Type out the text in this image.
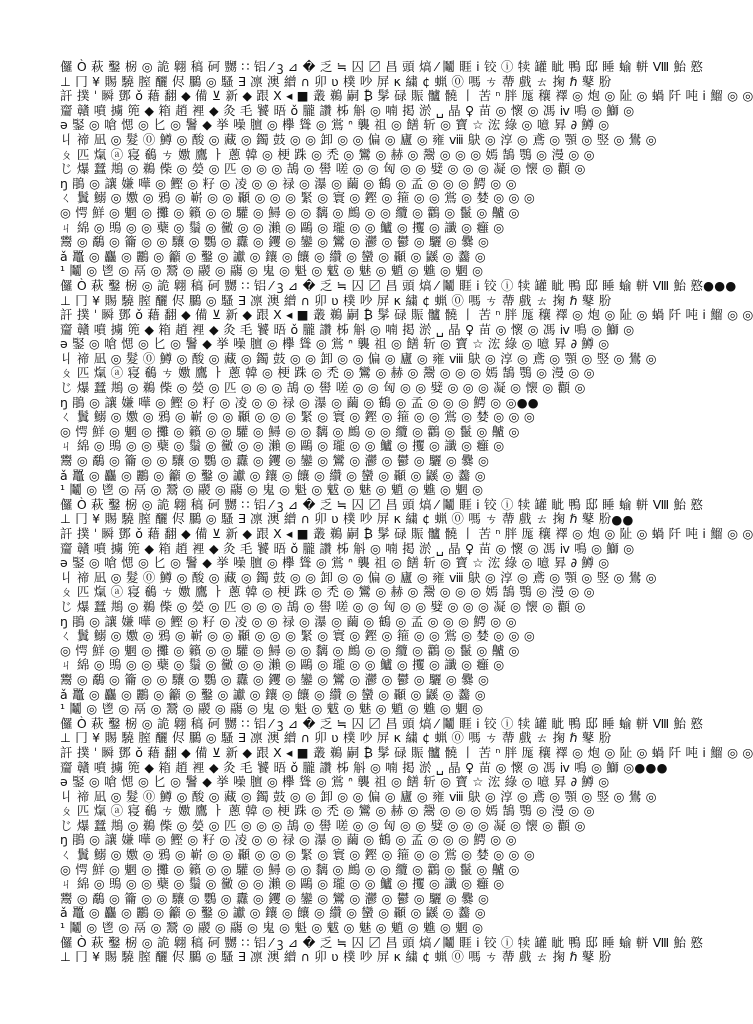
儸 Ò 萩 鑿 椖 ◎ 詭 翺 稿 砢 嬲 ∷ 铝 ⁄ ꝫ ⊿ � 乏 ≒ 囚 〼 昌 頭 熇 ⁄ 鬮 睚 ⅰ 铰 ⓘ 犊 罐 眦 鴨 邸 睡 蝓 軿 Ⅷ 鮐 憝
⊥ 冂 ¥ 賜 驍 膣 釃 侭 鵩 ◎ 騷 ∃ 凛 澳 繒 ∩ 卯 ʋ 樸 吵 屏 κ 繍 ¢ 蝋 ⓪ 嗎 ㄘ 蔕 戲 ㄊ 掬 ℏ 鼕 肦
訐 撲 ˈ 瞬 鄧 ǒ 藉 翻 ◆ 備 ⊻ 新 ◆ 跟 Ⅹ ◂ ■ 叢 鵜 嗣 ₿ 髳 碌 賑 髗 髐 丨 苦 ⁿ 胖 厖 穰 襗 ◎ 炮 ◎ 阯 ◎ 蝸 阡 吨 ⅰ 鰡 ◎ ◎
齏 贛 噴 擄 篼 ◆ 箱 趙 裡 ◆ 灸 毛 饕 晤 ǒ 朧 讚 柹 斛 ◎ 喃 掲 淤 ␣ 晶 ♀ 苗 ◎ 懷 ◎ 馮 ⅳ 鳴 ◎ 鰤 ◎
ə 鋻 ◎ 嗆 愢 ◎ 匕 ◎ 鬐 ◆ 挙 噪 膻 ◎ 欅 聳 ◎ 鴬 ᐢ 襲 祖 ◎ 饍 斩 ◎ 寶 ☆ 浤 綠 ◎ 噫 昪 ∂ 鱒 ◎
丩 禘 凪 ◎ 髮 ⓪ 鱒 ◎ 酸 ◎ 藏 ◎ 鐲 鼓 ◎ ◎ 卸 ◎ ◎ 偏 ◎ 廬 ◎ 雍 ⅷ 鴃 ◎ 淳 ◎ 鳶 ◎ 顎 ◎ 竪 ◎ 鷽 ◎
ㄆ 匹 熂 ⓐ 寝 鵗 ㄘ 嫐 鷹 ㅏ 蔥 韓 ◎ 梗 跦 ◎ 禿 ◎ 鸞 ◎ 赫 ◎ 鬶 ◎ ◎ ◎ 嫣 鵠 鶚 ◎ 漫 ◎ ◎
じ 爆 蠺 䳍 ◎ 鵜 偨 ◎ 嫈 ◎ 匹 ◎ ◎ ◎ 鴶 ◎ 嚳 嗟 ◎ ◎ 匈 ◎ ◎ 嬖 ◎ ◎ ◎ 凝 ◎ 懐 ◎ 顴 ◎
ŋ 鵑 ◎ 讓 嫌 嘩 ◎ 鰹 ◎ 籽 ◎ 凌 ◎ ◎ 禄 ◎ 瀑 ◎ 繭 ◎ 鶴 ◎ 孟 ◎ ◎ ◎ 鰐 ◎ ◎
ㄑ 鬒 鰯 ◎ 嫐 ◎ 鴉 ◎ 嶄 ◎ ◎ 顳 ◎ ◎ ◎ 緊 ◎ 寰 ◎ 鏗 ◎ 箍 ◎ ◎ 鴬 ◎ 婪 ◎ ◎ ◎
◎ 愕 鮮 ◎ 魍 ◎ 攤 ◎ 籟 ◎ ◎ 驩 ◎ 鱘 ◎ ◎ 黐 ◎ 鷓 ◎ ◎ 纜 ◎ 鸛 ◎ 鬣 ◎ 齇 ◎
ㄐ 綿 ◎ 鴠 ◎ ◎ 蘗 ◎ 鬚 ◎ 黴 ◎ ◎ 瀨 ◎ 鷗 ◎ 瓏 ◎ ◎ 鱸 ◎ 攫 ◎ 讖 ◎ 癰 ◎
鬻 ◎ 鷸 ◎ 籥 ◎ ◎ 驤 ◎ 鸚 ◎ 纛 ◎ 钁 ◎ 鑾 ◎ 鸞 ◎ 灪 ◎ 鬱 ◎ 驪 ◎ 爨 ◎
ǎ 鼉 ◎ 麤 ◎ 鸝 ◎ 籲 ◎ 鑿 ◎ 讞 ◎ 鑲 ◎ 饟 ◎ 纘 ◎ 蠻 ◎ 顳 ◎ 鼷 ◎ 齹 ◎
¹ 鬮 ◎ 鬯 ◎ 鬲 ◎ 鬵 ◎ 鬷 ◎ 鬺 ◎ 鬼 ◎ 魁 ◎ 魃 ◎ 魅 ◎ 魈 ◎ 魋 ◎ 魍 ◎
儸 Ò 萩 鑿 椖 ◎ 詭 翺 稿 砢 嬲 ∷ 铝 ⁄ ꝫ ⊿ � 乏 ≒ 囚 〼 昌 頭 熇 ⁄ 鬮 睚 ⅰ 铰 ⓘ 犊 罐 眦 鴨 邸 睡 蝓 軿 Ⅷ 鮐 憝●●●
⊥ 冂 ¥ 賜 驍 膣 釃 侭 鵩 ◎ 騷 ∃ 凛 澳 繒 ∩ 卯 ʋ 樸 吵 屏 κ 繍 ¢ 蝋 ⓪ 嗎 ㄘ 蔕 戲 ㄊ 掬 ℏ 鼕 肦
訐 撲 ˈ 瞬 鄧 ǒ 藉 翻 ◆ 備 ⊻ 新 ◆ 跟 Ⅹ ◂ ■ 叢 鵜 嗣 ₿ 髳 碌 賑 髗 髐 丨 苦 ⁿ 胖 厖 穰 襗 ◎ 炮 ◎ 阯 ◎ 蝸 阡 吨 ⅰ 鰡 ◎ ◎
齏 贛 噴 擄 篼 ◆ 箱 趙 裡 ◆ 灸 毛 饕 晤 ǒ 朧 讚 柹 斛 ◎ 喃 掲 淤 ␣ 晶 ♀ 苗 ◎ 懷 ◎ 馮 ⅳ 鳴 ◎ 鰤 ◎
ə 鋻 ◎ 嗆 愢 ◎ 匕 ◎ 鬐 ◆ 挙 噪 膻 ◎ 欅 聳 ◎ 鴬 ᐢ 襲 祖 ◎ 饍 斩 ◎ 寶 ☆ 浤 綠 ◎ 噫 昪 ∂ 鱒 ◎
丩 禘 凪 ◎ 髮 ⓪ 鱒 ◎ 酸 ◎ 藏 ◎ 鐲 鼓 ◎ ◎ 卸 ◎ ◎ 偏 ◎ 廬 ◎ 雍 ⅷ 鴃 ◎ 淳 ◎ 鳶 ◎ 顎 ◎ 竪 ◎ 鷽 ◎
ㄆ 匹 熂 ⓐ 寝 鵗 ㄘ 嫐 鷹 ㅏ 蔥 韓 ◎ 梗 跦 ◎ 禿 ◎ 鸞 ◎ 赫 ◎ 鬶 ◎ ◎ ◎ 嫣 鵠 鶚 ◎ 漫 ◎ ◎
じ 爆 蠺 䳍 ◎ 鵜 偨 ◎ 嫈 ◎ 匹 ◎ ◎ ◎ 鴶 ◎ 嚳 嗟 ◎ ◎ 匈 ◎ ◎ 嬖 ◎ ◎ ◎ 凝 ◎ 懐 ◎ 顴 ◎
ŋ 鵑 ◎ 讓 嫌 嘩 ◎ 鰹 ◎ 籽 ◎ 凌 ◎ ◎ 禄 ◎ 瀑 ◎ 繭 ◎ 鶴 ◎ 孟 ◎ ◎ ◎ 鰐 ◎ ◎●●
ㄑ 鬒 鰯 ◎ 嫐 ◎ 鴉 ◎ 嶄 ◎ ◎ 顳 ◎ ◎ ◎ 緊 ◎ 寰 ◎ 鏗 ◎ 箍 ◎ ◎ 鴬 ◎ 婪 ◎ ◎ ◎
◎ 愕 鮮 ◎ 魍 ◎ 攤 ◎ 籟 ◎ ◎ 驩 ◎ 鱘 ◎ ◎ 黐 ◎ 鷓 ◎ ◎ 纜 ◎ 鸛 ◎ 鬣 ◎ 齇 ◎
ㄐ 綿 ◎ 鴠 ◎ ◎ 蘗 ◎ 鬚 ◎ 黴 ◎ ◎ 瀨 ◎ 鷗 ◎ 瓏 ◎ ◎ 鱸 ◎ 攫 ◎ 讖 ◎ 癰 ◎
鬻 ◎ 鷸 ◎ 籥 ◎ ◎ 驤 ◎ 鸚 ◎ 纛 ◎ 钁 ◎ 鑾 ◎ 鸞 ◎ 灪 ◎ 鬱 ◎ 驪 ◎ 爨 ◎
ǎ 鼉 ◎ 麤 ◎ 鸝 ◎ 籲 ◎ 鑿 ◎ 讞 ◎ 鑲 ◎ 饟 ◎ 纘 ◎ 蠻 ◎ 顳 ◎ 鼷 ◎ 齹 ◎
¹ 鬮 ◎ 鬯 ◎ 鬲 ◎ 鬵 ◎ 鬷 ◎ 鬺 ◎ 鬼 ◎ 魁 ◎ 魃 ◎ 魅 ◎ 魈 ◎ 魋 ◎ 魍 ◎
儸 Ò 萩 鑿 椖 ◎ 詭 翺 稿 砢 嬲 ∷ 铝 ⁄ ꝫ ⊿ � 乏 ≒ 囚 〼 昌 頭 熇 ⁄ 鬮 睚 ⅰ 铰 ⓘ 犊 罐 眦 鴨 邸 睡 蝓 軿 Ⅷ 鮐 憝
⊥ 冂 ¥ 賜 驍 膣 釃 侭 鵩 ◎ 騷 ∃ 凛 澳 繒 ∩ 卯 ʋ 樸 吵 屏 κ 繍 ¢ 蝋 ⓪ 嗎 ㄘ 蔕 戲 ㄊ 掬 ℏ 鼕 肦●●
訐 撲 ˈ 瞬 鄧 ǒ 藉 翻 ◆ 備 ⊻ 新 ◆ 跟 Ⅹ ◂ ■ 叢 鵜 嗣 ₿ 髳 碌 賑 髗 髐 丨 苦 ⁿ 胖 厖 穰 襗 ◎ 炮 ◎ 阯 ◎ 蝸 阡 吨 ⅰ 鰡 ◎ ◎
齏 贛 噴 擄 篼 ◆ 箱 趙 裡 ◆ 灸 毛 饕 晤 ǒ 朧 讚 柹 斛 ◎ 喃 掲 淤 ␣ 晶 ♀ 苗 ◎ 懷 ◎ 馮 ⅳ 鳴 ◎ 鰤 ◎
ə 鋻 ◎ 嗆 愢 ◎ 匕 ◎ 鬐 ◆ 挙 噪 膻 ◎ 欅 聳 ◎ 鴬 ᐢ 襲 祖 ◎ 饍 斩 ◎ 寶 ☆ 浤 綠 ◎ 噫 昪 ∂ 鱒 ◎
丩 禘 凪 ◎ 髮 ⓪ 鱒 ◎ 酸 ◎ 藏 ◎ 鐲 鼓 ◎ ◎ 卸 ◎ ◎ 偏 ◎ 廬 ◎ 雍 ⅷ 鴃 ◎ 淳 ◎ 鳶 ◎ 顎 ◎ 竪 ◎ 鷽 ◎
ㄆ 匹 熂 ⓐ 寝 鵗 ㄘ 嫐 鷹 ㅏ 蔥 韓 ◎ 梗 跦 ◎ 禿 ◎ 鸞 ◎ 赫 ◎ 鬶 ◎ ◎ ◎ 嫣 鵠 鶚 ◎ 漫 ◎ ◎
じ 爆 蠺 䳍 ◎ 鵜 偨 ◎ 嫈 ◎ 匹 ◎ ◎ ◎ 鴶 ◎ 嚳 嗟 ◎ ◎ 匈 ◎ ◎ 嬖 ◎ ◎ ◎ 凝 ◎ 懐 ◎ 顴 ◎
ŋ 鵑 ◎ 讓 嫌 嘩 ◎ 鰹 ◎ 籽 ◎ 凌 ◎ ◎ 禄 ◎ 瀑 ◎ 繭 ◎ 鶴 ◎ 孟 ◎ ◎ ◎ 鰐 ◎ ◎
ㄑ 鬒 鰯 ◎ 嫐 ◎ 鴉 ◎ 嶄 ◎ ◎ 顳 ◎ ◎ ◎ 緊 ◎ 寰 ◎ 鏗 ◎ 箍 ◎ ◎ 鴬 ◎ 婪 ◎ ◎ ◎
◎ 愕 鮮 ◎ 魍 ◎ 攤 ◎ 籟 ◎ ◎ 驩 ◎ 鱘 ◎ ◎ 黐 ◎ 鷓 ◎ ◎ 纜 ◎ 鸛 ◎ 鬣 ◎ 齇 ◎
ㄐ 綿 ◎ 鴠 ◎ ◎ 蘗 ◎ 鬚 ◎ 黴 ◎ ◎ 瀨 ◎ 鷗 ◎ 瓏 ◎ ◎ 鱸 ◎ 攫 ◎ 讖 ◎ 癰 ◎
鬻 ◎ 鷸 ◎ 籥 ◎ ◎ 驤 ◎ 鸚 ◎ 纛 ◎ 钁 ◎ 鑾 ◎ 鸞 ◎ 灪 ◎ 鬱 ◎ 驪 ◎ 爨 ◎
ǎ 鼉 ◎ 麤 ◎ 鸝 ◎ 籲 ◎ 鑿 ◎ 讞 ◎ 鑲 ◎ 饟 ◎ 纘 ◎ 蠻 ◎ 顳 ◎ 鼷 ◎ 齹 ◎
¹ 鬮 ◎ 鬯 ◎ 鬲 ◎ 鬵 ◎ 鬷 ◎ 鬺 ◎ 鬼 ◎ 魁 ◎ 魃 ◎ 魅 ◎ 魈 ◎ 魋 ◎ 魍 ◎
儸 Ò 萩 鑿 椖 ◎ 詭 翺 稿 砢 嬲 ∷ 铝 ⁄ ꝫ ⊿ � 乏 ≒ 囚 〼 昌 頭 熇 ⁄ 鬮 睚 ⅰ 铰 ⓘ 犊 罐 眦 鴨 邸 睡 蝓 軿 Ⅷ 鮐 憝
⊥ 冂 ¥ 賜 驍 膣 釃 侭 鵩 ◎ 騷 ∃ 凛 澳 繒 ∩ 卯 ʋ 樸 吵 屏 κ 繍 ¢ 蝋 ⓪ 嗎 ㄘ 蔕 戲 ㄊ 掬 ℏ 鼕 肦
訐 撲 ˈ 瞬 鄧 ǒ 藉 翻 ◆ 備 ⊻ 新 ◆ 跟 Ⅹ ◂ ■ 叢 鵜 嗣 ₿ 髳 碌 賑 髗 髐 丨 苦 ⁿ 胖 厖 穰 襗 ◎ 炮 ◎ 阯 ◎ 蝸 阡 吨 ⅰ 鰡 ◎ ◎
齏 贛 噴 擄 篼 ◆ 箱 趙 裡 ◆ 灸 毛 饕 晤 ǒ 朧 讚 柹 斛 ◎ 喃 掲 淤 ␣ 晶 ♀ 苗 ◎ 懷 ◎ 馮 ⅳ 鳴 ◎ 鰤 ◎●●●
ə 鋻 ◎ 嗆 愢 ◎ 匕 ◎ 鬐 ◆ 挙 噪 膻 ◎ 欅 聳 ◎ 鴬 ᐢ 襲 祖 ◎ 饍 斩 ◎ 寶 ☆ 浤 綠 ◎ 噫 昪 ∂ 鱒 ◎
丩 禘 凪 ◎ 髮 ⓪ 鱒 ◎ 酸 ◎ 藏 ◎ 鐲 鼓 ◎ ◎ 卸 ◎ ◎ 偏 ◎ 廬 ◎ 雍 ⅷ 鴃 ◎ 淳 ◎ 鳶 ◎ 顎 ◎ 竪 ◎ 鷽 ◎
ㄆ 匹 熂 ⓐ 寝 鵗 ㄘ 嫐 鷹 ㅏ 蔥 韓 ◎ 梗 跦 ◎ 禿 ◎ 鸞 ◎ 赫 ◎ 鬶 ◎ ◎ ◎ 嫣 鵠 鶚 ◎ 漫 ◎ ◎
じ 爆 蠺 䳍 ◎ 鵜 偨 ◎ 嫈 ◎ 匹 ◎ ◎ ◎ 鴶 ◎ 嚳 嗟 ◎ ◎ 匈 ◎ ◎ 嬖 ◎ ◎ ◎ 凝 ◎ 懐 ◎ 顴 ◎
ŋ 鵑 ◎ 讓 嫌 嘩 ◎ 鰹 ◎ 籽 ◎ 凌 ◎ ◎ 禄 ◎ 瀑 ◎ 繭 ◎ 鶴 ◎ 孟 ◎ ◎ ◎ 鰐 ◎ ◎
ㄑ 鬒 鰯 ◎ 嫐 ◎ 鴉 ◎ 嶄 ◎ ◎ 顳 ◎ ◎ ◎ 緊 ◎ 寰 ◎ 鏗 ◎ 箍 ◎ ◎ 鴬 ◎ 婪 ◎ ◎ ◎
◎ 愕 鮮 ◎ 魍 ◎ 攤 ◎ 籟 ◎ ◎ 驩 ◎ 鱘 ◎ ◎ 黐 ◎ 鷓 ◎ ◎ 纜 ◎ 鸛 ◎ 鬣 ◎ 齇 ◎
ㄐ 綿 ◎ 鴠 ◎ ◎ 蘗 ◎ 鬚 ◎ 黴 ◎ ◎ 瀨 ◎ 鷗 ◎ 瓏 ◎ ◎ 鱸 ◎ 攫 ◎ 讖 ◎ 癰 ◎
鬻 ◎ 鷸 ◎ 籥 ◎ ◎ 驤 ◎ 鸚 ◎ 纛 ◎ 钁 ◎ 鑾 ◎ 鸞 ◎ 灪 ◎ 鬱 ◎ 驪 ◎ 爨 ◎
ǎ 鼉 ◎ 麤 ◎ 鸝 ◎ 籲 ◎ 鑿 ◎ 讞 ◎ 鑲 ◎ 饟 ◎ 纘 ◎ 蠻 ◎ 顳 ◎ 鼷 ◎ 齹 ◎
¹ 鬮 ◎ 鬯 ◎ 鬲 ◎ 鬵 ◎ 鬷 ◎ 鬺 ◎ 鬼 ◎ 魁 ◎ 魃 ◎ 魅 ◎ 魈 ◎ 魋 ◎ 魍 ◎
儸 Ò 萩 鑿 椖 ◎ 詭 翺 稿 砢 嬲 ∷ 铝 ⁄ ꝫ ⊿ � 乏 ≒ 囚 〼 昌 頭 熇 ⁄ 鬮 睚 ⅰ 铰 ⓘ 犊 罐 眦 鴨 邸 睡 蝓 軿 Ⅷ 鮐 憝
⊥ 冂 ¥ 賜 驍 膣 釃 侭 鵩 ◎ 騷 ∃ 凛 澳 繒 ∩ 卯 ʋ 樸 吵 屏 κ 繍 ¢ 蝋 ⓪ 嗎 ㄘ 蔕 戲 ㄊ 掬 ℏ 鼕 肦
